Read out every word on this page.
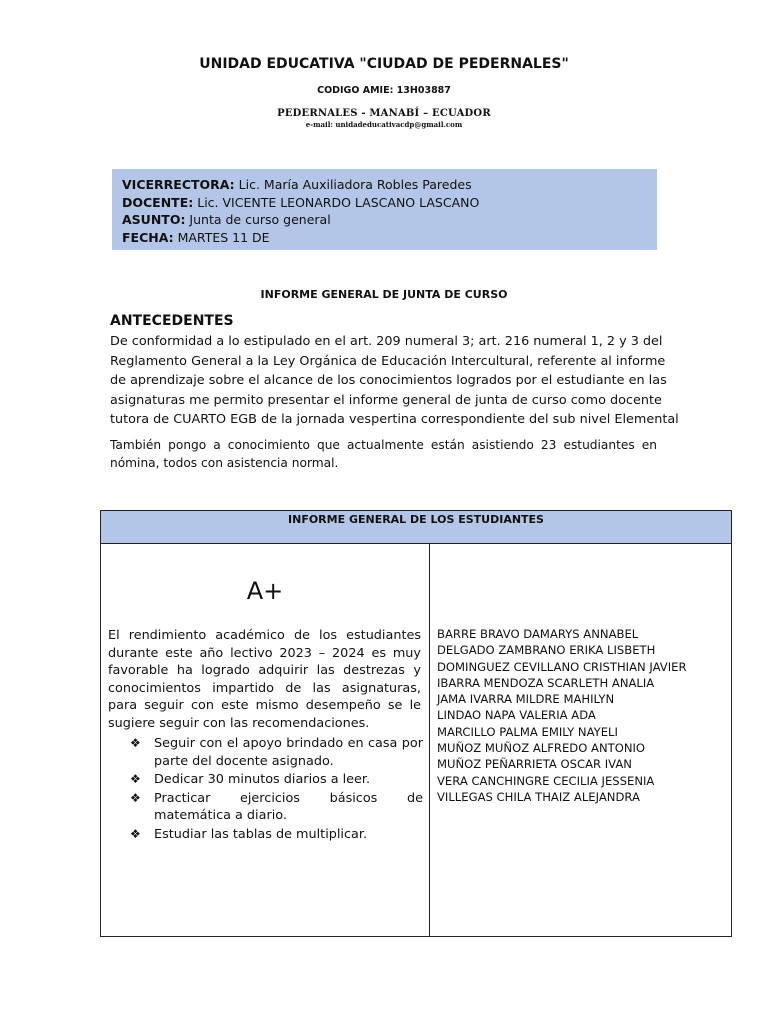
UNIDAD EDUCATIVA "CIUDAD DE PEDERNALES"
CODIGO AMIE: 13H03887
PEDERNALES - MANABÍ – ECUADOR
e-mail: unidadeducativacdp@gmail.com
VICERRECTORA: Lic. María Auxiliadora Robles Paredes
DOCENTE: Lic. VICENTE LEONARDO LASCANO LASCANO
ASUNTO: Junta de curso general
FECHA: MARTES 11 DE
INFORME GENERAL DE JUNTA DE CURSO
ANTECEDENTES
De conformidad a lo estipulado en el art. 209 numeral 3; art. 216 numeral 1, 2 y 3 del
Reglamento General a la Ley Orgánica de Educación Intercultural, referente al informe
de aprendizaje sobre el alcance de los conocimientos logrados por el estudiante en las
asignaturas me permito presentar el informe general de junta de curso como docente
tutora de CUARTO EGB de la jornada vespertina correspondiente del sub nivel Elemental
También pongo a conocimiento que actualmente están asistiendo 23 estudiantes en nómina, todos con asistencia normal.
INFORME GENERAL DE LOS ESTUDIANTES
A+
El rendimiento académico de los estudiantes durante este año lectivo 2023 – 2024 es muy favorable ha logrado adquirir las destrezas y conocimientos impartido de las asignaturas, para seguir con este mismo desempeño se le sugiere seguir con las recomendaciones.
❖ Seguir con el apoyo brindado en casa por parte del docente asignado.
❖ Dedicar 30 minutos diarios a leer.
❖ Practicar ejercicios básicos de matemática a diario.
❖ Estudiar las tablas de multiplicar.
BARRE BRAVO DAMARYS ANNABEL
DELGADO ZAMBRANO ERIKA LISBETH
DOMINGUEZ CEVILLANO CRISTHIAN JAVIER
IBARRA MENDOZA SCARLETH ANALIA
JAMA IVARRA MILDRE MAHILYN
LINDAO NAPA VALERIA ADA
MARCILLO PALMA EMILY NAYELI
MUÑOZ MUÑOZ ALFREDO ANTONIO
MUÑOZ PEÑARRIETA OSCAR IVAN
VERA CANCHINGRE CECILIA JESSENIA
VILLEGAS CHILA THAIZ ALEJANDRA
